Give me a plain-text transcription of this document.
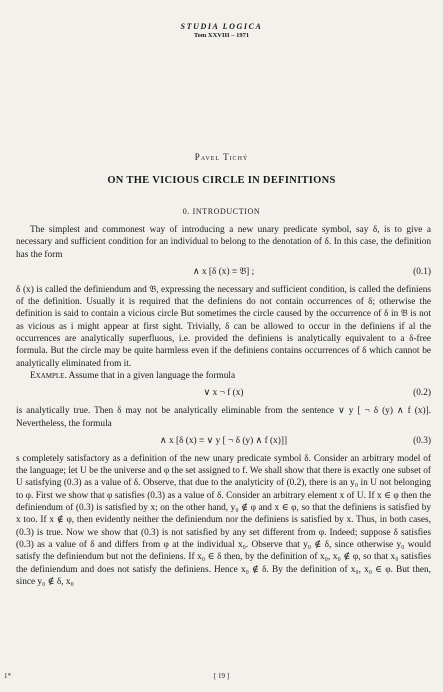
STUDIA LOGICA
Tom XXVIII – 1971
Pavel Tichý
ON THE VICIOUS CIRCLE IN DEFINITIONS
0. INTRODUCTION

The simplest and commonest way of introducing a new unary predicate symbol, say δ, is to give a necessary and sufficient condition for an individual to belong to the denotation of δ. In this case, the definition has the form

∧ x [δ (x) ≡ 𝔅] ;	(0.1)

δ (x) is called the definiendum and 𝔅, expressing the necessary and sufficient condition, is called the definiens of the definition. Usually it is required that the definiens do not contain occurrences of δ; otherwise the definition is said to contain a vicious circle But sometimes the circle caused by the occurrence of δ in 𝔅 is not as vicious as i might appear at first sight. Trivially, δ can be allowed to occur in the definiens if al the occurrences are analytically superfluous, i.e. provided the definiens is analytically equivalent to a δ-free formula. But the circle may be quite harmless even if the definiens contains occurrences of δ which cannot be analytically eliminated from it.

Example. Assume that in a given language the formula

∨ x ¬ f (x)	(0.2)

is analytically true. Then δ may not be analytically eliminable from the sentence ∨ y [ ¬ δ (y) ∧ f (x)]. Nevertheless, the formula

∧ x [δ (x) ≡ ∨ y [ ¬ δ (y) ∧ f (x)]]	(0.3)

s completely satisfactory as a definition of the new unary predicate symbol δ. Consider an arbitrary model of the language; let U be the universe and φ the set assigned to f. We shall show that there is exactly one subset of U satisfying (0.3) as a value of δ. Observe, that due to the analyticity of (0.2), there is an y₀ in U not belonging to φ. First we show that φ satisfies (0.3) as a value of δ. Consider an arbitrary element x of U. If x ∈ φ then the definiendum of (0.3) is satisfied by x; on the other hand, y₀ ∉ φ and x ∈ φ, so that the definiens is satisfied by x too. If x ∉ φ, then evidently neither the definiendum nor the definiens is satisfied by x. Thus, in both cases, (0.3) is true. Now we show that (0.3) is not satisfied by any set different from φ. Indeed; suppose δ satisfies (0.3) as a value of δ and differs from φ at the individual x₀. Observe that y₀ ∉ δ, since otherwise y₀ would satisfy the definiendum but not the definiens. If x₀ ∈ δ then, by the definition of x₀, x₀ ∉ φ, so that x₀ satisfies the definiendum and does not satisfy the definiens. Hence x₀ ∉ δ. By the definition of x₀, x₀ ∈ φ. But then, since y₀ ∉ δ, x₀

1*	[ 19 ]
